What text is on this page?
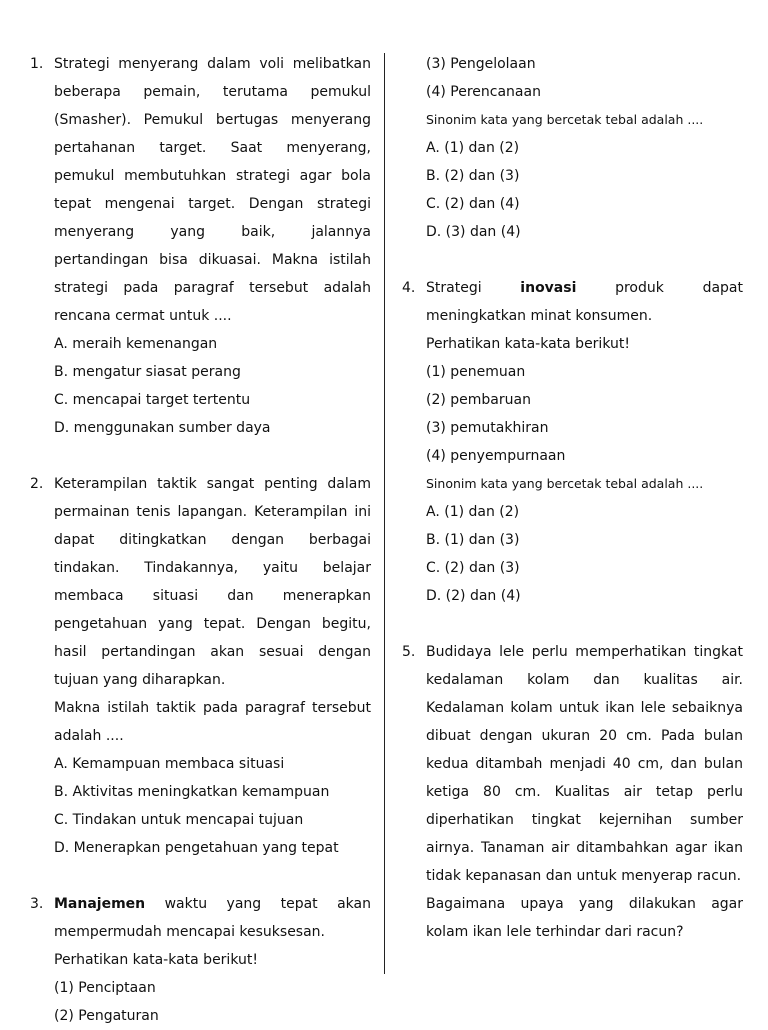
1. Strategi menyerang dalam voli melibatkan beberapa pemain, terutama pemukul (Smasher). Pemukul bertugas menyerang pertahanan target. Saat menyerang, pemukul membutuhkan strategi agar bola tepat mengenai target. Dengan strategi menyerang yang baik, jalannya pertandingan bisa dikuasai. Makna istilah strategi pada paragraf tersebut adalah rencana cermat untuk ....
A. meraih kemenangan
B. mengatur siasat perang
C. mencapai target tertentu
D. menggunakan sumber daya
2. Keterampilan taktik sangat penting dalam permainan tenis lapangan. Keterampilan ini dapat ditingkatkan dengan berbagai tindakan. Tindakannya, yaitu belajar membaca situasi dan menerapkan pengetahuan yang tepat. Dengan begitu, hasil pertandingan akan sesuai dengan tujuan yang diharapkan.
Makna istilah taktik pada paragraf tersebut adalah ....
A. Kemampuan membaca situasi
B. Aktivitas meningkatkan kemampuan
C. Tindakan untuk mencapai tujuan
D. Menerapkan pengetahuan yang tepat
3. Manajemen waktu yang tepat akan mempermudah mencapai kesuksesan.
Perhatikan kata-kata berikut!
(1) Penciptaan
(2) Pengaturan
(3) Pengelolaan
(4) Perencanaan
Sinonim kata yang bercetak tebal adalah ....
A. (1) dan (2)
B. (2) dan (3)
C. (2) dan (4)
D. (3) dan (4)
4. Strategi inovasi produk dapat meningkatkan minat konsumen.
Perhatikan kata-kata berikut!
(1) penemuan
(2) pembaruan
(3) pemutakhiran
(4) penyempurnaan
Sinonim kata yang bercetak tebal adalah ....
A. (1) dan (2)
B. (1) dan (3)
C. (2) dan (3)
D. (2) dan (4)
5. Budidaya lele perlu memperhatikan tingkat kedalaman kolam dan kualitas air. Kedalaman kolam untuk ikan lele sebaiknya dibuat dengan ukuran 20 cm. Pada bulan kedua ditambah menjadi 40 cm, dan bulan ketiga 80 cm. Kualitas air tetap perlu diperhatikan tingkat kejernihan sumber airnya. Tanaman air ditambahkan agar ikan tidak kepanasan dan untuk menyerap racun.
Bagaimana upaya yang dilakukan agar kolam ikan lele terhindar dari racun?
